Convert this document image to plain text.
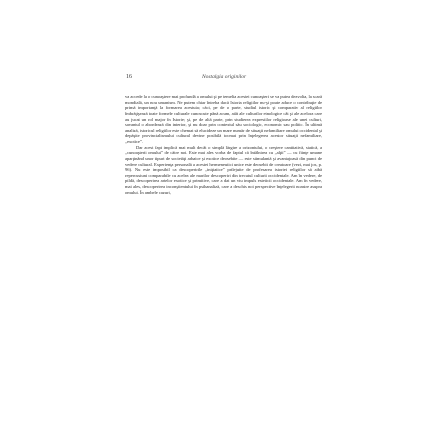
16	Nostalgia originilor

va accede la o cunoaştere mai profundă a omului şi pe temelia acestei cunoaşteri se va putea dezvolta, la scară mondială, un nou umanism. Ne putem chiar întreba dacă Istoria religiilor nu-şi poate aduce o contribuţie de primă importanţă la formarea acestuia; căci, pe de o parte, studiul istoric şi comparativ al religiilor îmbrăţişează toate formele culturale cunoscute până acum, atât ale culturilor etnologice cât şi ale acelora care au jucat un rol major în Istorie; şi, pe de altă parte, prin studierea expresiilor religioase ale unei culturi, savantul o abordează din interior, şi nu doar prin contextul său sociologic, economic sau politic. În ultimă analiză, istoricul religiilor este chemat să elucideze un mare număr de situaţii nefamiliare omului occidental şi depăşite provincialismului cultural devine posibilă tocmai prin înţelegerea acestor situaţii nefamiliare, „exotice”.

Dar acest fapt implică mai mult decât o simplă lărgire a orizontului, o creştere cantitativă, statică, a „cunoaşterii omului” de către noi. Este mai ales vorba de faptul că întâlnirea cu „alţii” — cu fiinţe umane aparţinând unor tipuri de societăţi arhaice şi exotice deosebite — este stimulantă şi avantajoasă din punct de vedere cultural. Experienţa personală a acestei hermeneutici unice este deosebit de creatoare (vezi, mai jos, p. 96). Nu este imposibil ca descoperirile „iniţiatice” prilejuite de profesarea istoriei religiilor să aibă repercusiuni comparabile cu acelea ale marilor descoperiri din trecutul culturii occidentale. Am în vedere, de pildă, descoperirea artelor exotice şi primitive, care a dat un viu impuls esteticii occidentale. Am în vedere, mai ales, descoperirea inconştientului în psihanaliză, care a deschis noi perspective înţelegerii noastre asupra omului. În ambele cazuri,
